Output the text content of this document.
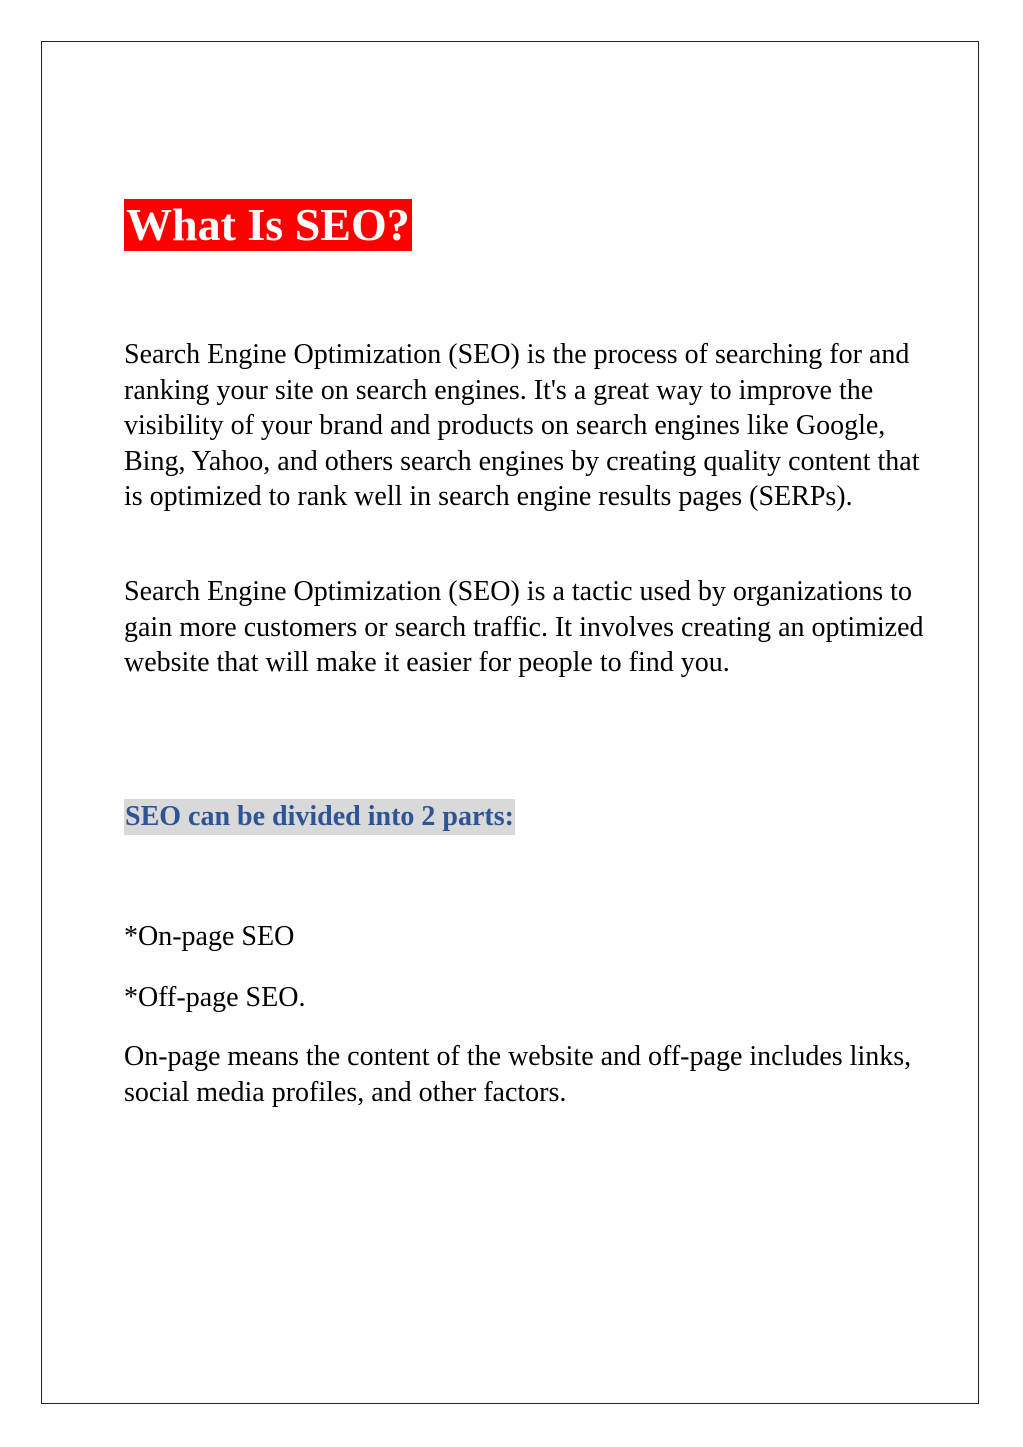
What Is SEO?

Search Engine Optimization (SEO) is the process of searching for and ranking your site on search engines. It's a great way to improve the visibility of your brand and products on search engines like Google, Bing, Yahoo, and others search engines by creating quality content that is optimized to rank well in search engine results pages (SERPs).

Search Engine Optimization (SEO) is a tactic used by organizations to gain more customers or search traffic. It involves creating an optimized website that will make it easier for people to find you.

SEO can be divided into 2 parts:
*On-page SEO
*Off-page SEO.

On-page means the content of the website and off-page includes links, social media profiles, and other factors.
